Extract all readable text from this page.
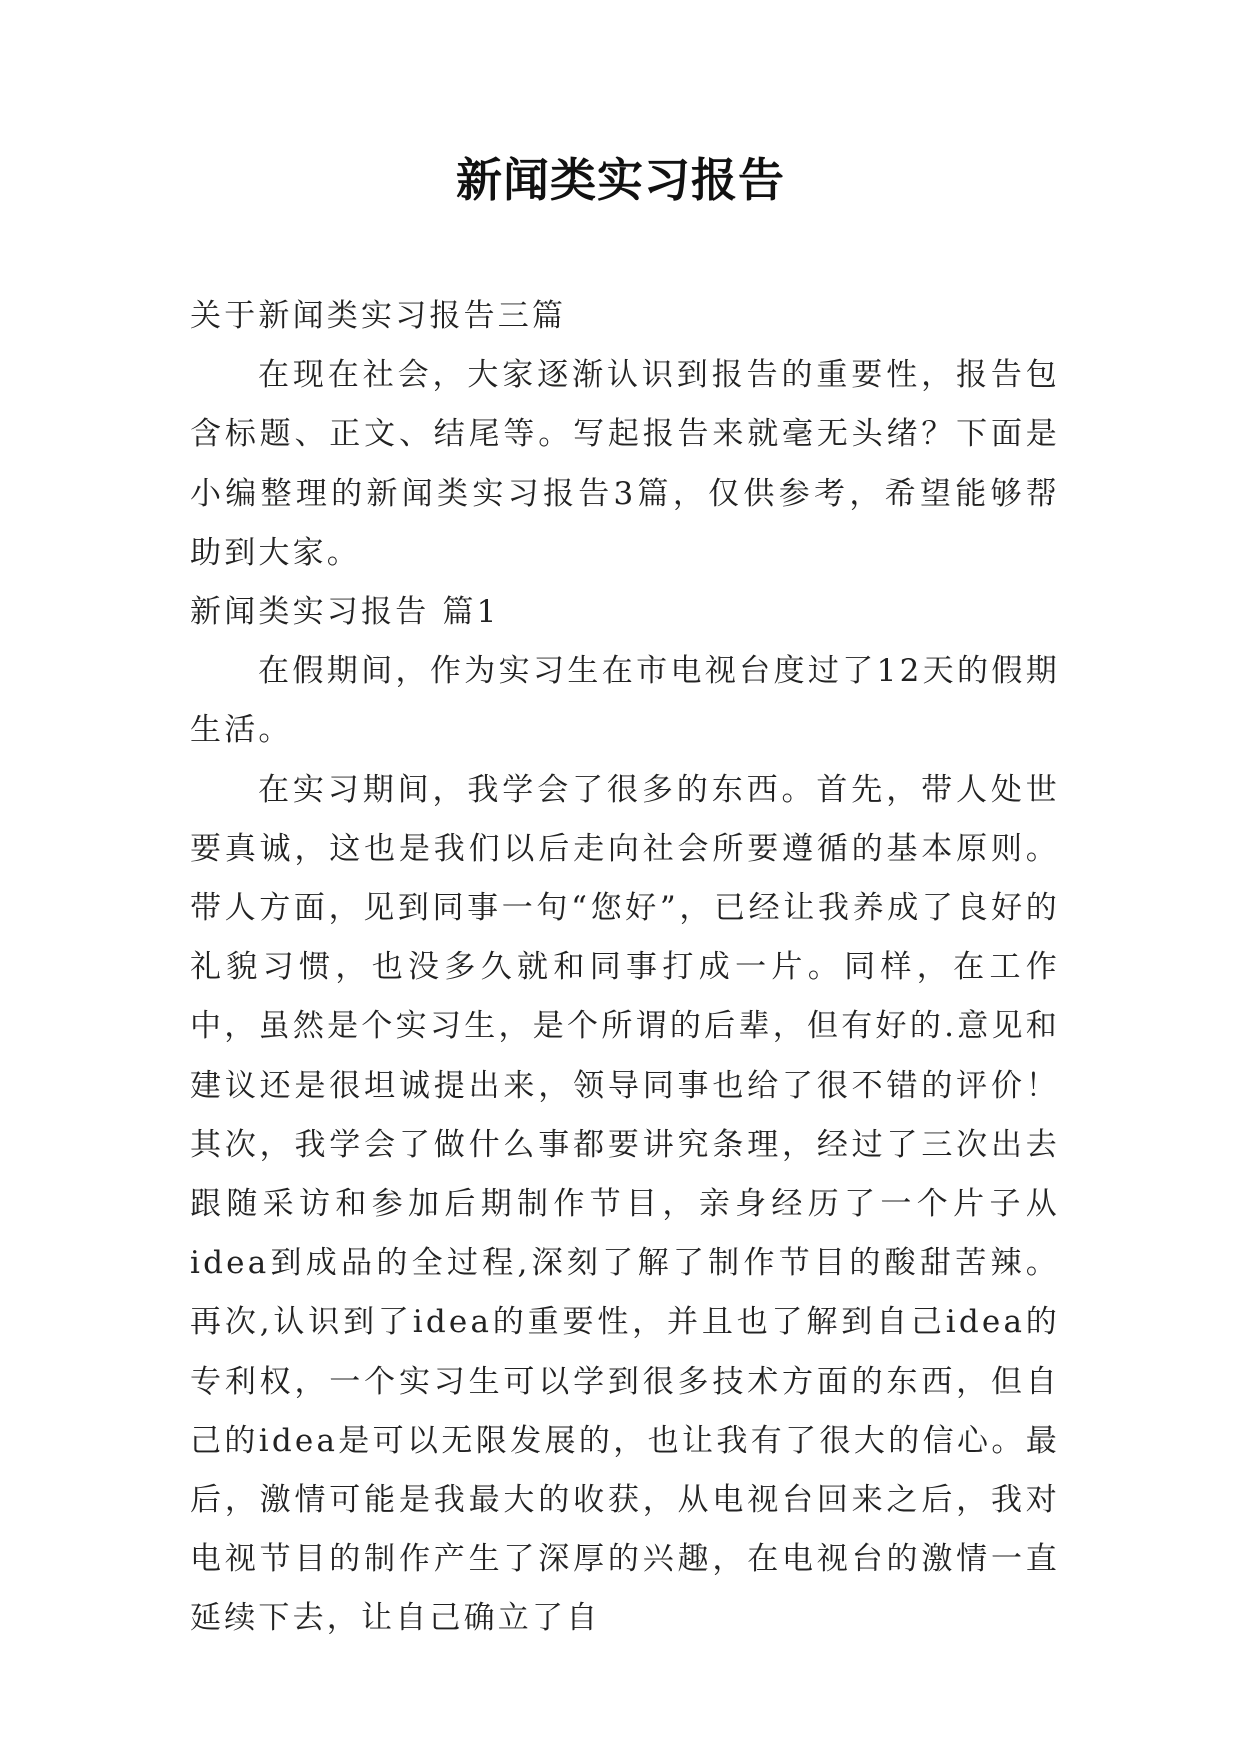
新闻类实习报告

关于新闻类实习报告三篇

在现在社会，大家逐渐认识到报告的重要性，报告包含标题、正文、结尾等。写起报告来就毫无头绪？下面是小编整理的新闻类实习报告3篇，仅供参考，希望能够帮助到大家。

新闻类实习报告 篇1

在假期间，作为实习生在市电视台度过了12天的假期生活。

在实习期间，我学会了很多的东西。首先，带人处世要真诚，这也是我们以后走向社会所要遵循的基本原则。带人方面，见到同事一句“您好”，已经让我养成了良好的礼貌习惯，也没多久就和同事打成一片。同样，在工作中，虽然是个实习生，是个所谓的后辈，但有好的.意见和建议还是很坦诚提出来，领导同事也给了很不错的评价！其次，我学会了做什么事都要讲究条理，经过了三次出去跟随采访和参加后期制作节目，亲身经历了一个片子从idea到成品的全过程,深刻了解了制作节目的酸甜苦辣。再次,认识到了idea的重要性，并且也了解到自己idea的专利权，一个实习生可以学到很多技术方面的东西，但自己的idea是可以无限发展的，也让我有了很大的信心。最后，激情可能是我最大的收获，从电视台回来之后，我对电视节目的制作产生了深厚的兴趣，在电视台的激情一直延续下去，让自己确立了自
